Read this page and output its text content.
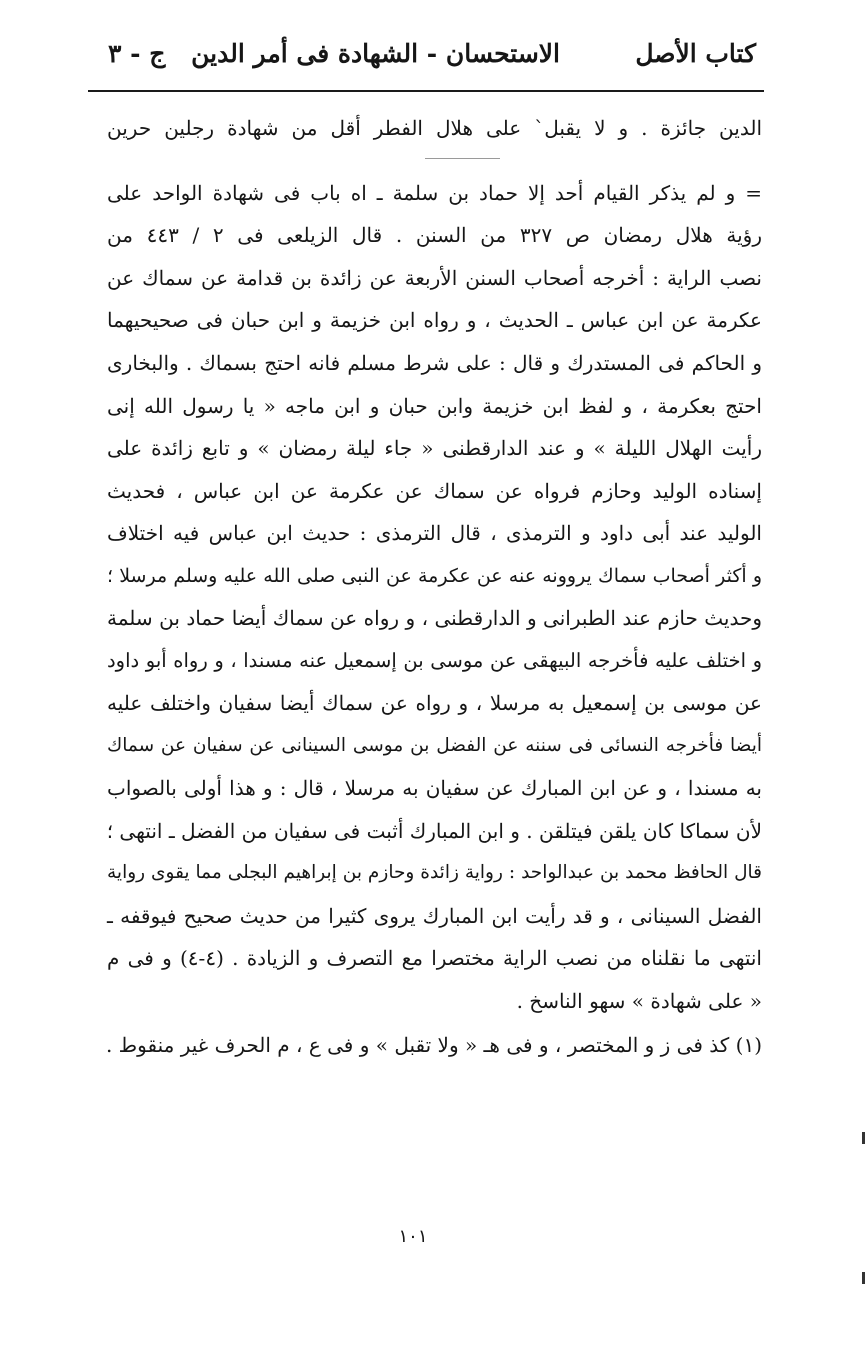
كتاب الأصل
الاستحسان - الشهادة فى أمر الدين
ج - ٣
الدين جائزة . و لا يقبل` على هلال الفطر أقل من شهادة رجلين حرين
= و لم يذكر القيام أحد إلا حماد بن سلمة ـ اه باب فى شهادة الواحد على
رؤية هلال رمضان ص ٣٢٧ من السنن . قال الزيلعى فى ٢ / ٤٤٣ من
نصب الراية : أخرجه أصحاب السنن الأربعة عن زائدة بن قدامة عن سماك عن
عكرمة عن ابن عباس ـ الحديث ، و رواه ابن خزيمة و ابن حبان فى صحيحيهما
و الحاكم فى المستدرك و قال : على شرط مسلم فانه احتج بسماك . والبخارى
احتج بعكرمة ، و لفظ ابن خزيمة وابن حبان و ابن ماجه « يا رسول الله إنى
رأيت الهلال الليلة » و عند الدارقطنى « جاء ليلة رمضان » و تابع زائدة على
إسناده الوليد وحازم فرواه عن سماك عن عكرمة عن ابن عباس ، فحديث
الوليد عند أبى داود و الترمذى ، قال الترمذى : حديث ابن عباس فيه اختلاف
و أكثر أصحاب سماك يروونه عنه عن عكرمة عن النبى صلى الله عليه وسلم مرسلا ؛
وحديث حازم عند الطبرانى و الدارقطنى ، و رواه عن سماك أيضا حماد بن سلمة
و اختلف عليه فأخرجه البيهقى عن موسى بن إسمعيل عنه مسندا ، و رواه أبو داود
عن موسى بن إسمعيل به مرسلا ، و رواه عن سماك أيضا سفيان واختلف عليه
أيضا فأخرجه النسائى فى سننه عن الفضل بن موسى السينانى عن سفيان عن سماك
به مسندا ، و عن ابن المبارك عن سفيان به مرسلا ، قال : و هذا أولى بالصواب
لأن سماكا كان يلقن فيتلقن . و ابن المبارك أثبت فى سفيان من الفضل ـ انتهى ؛
قال الحافظ محمد بن عبدالواحد : رواية زائدة وحازم بن إبراهيم البجلى مما يقوى رواية
الفضل السينانى ، و قد رأيت ابن المبارك يروى كثيرا من حديث صحيح فيوقفه ـ
انتهى ما نقلناه من نصب الراية مختصرا مع التصرف و الزيادة . (٤-٤) و فى م
« على شهادة » سهو الناسخ .
(١) كذ فى ز و المختصر ، و فى هـ « ولا تقبل » و فى ع ، م الحرف غير منقوط .
١٠١
